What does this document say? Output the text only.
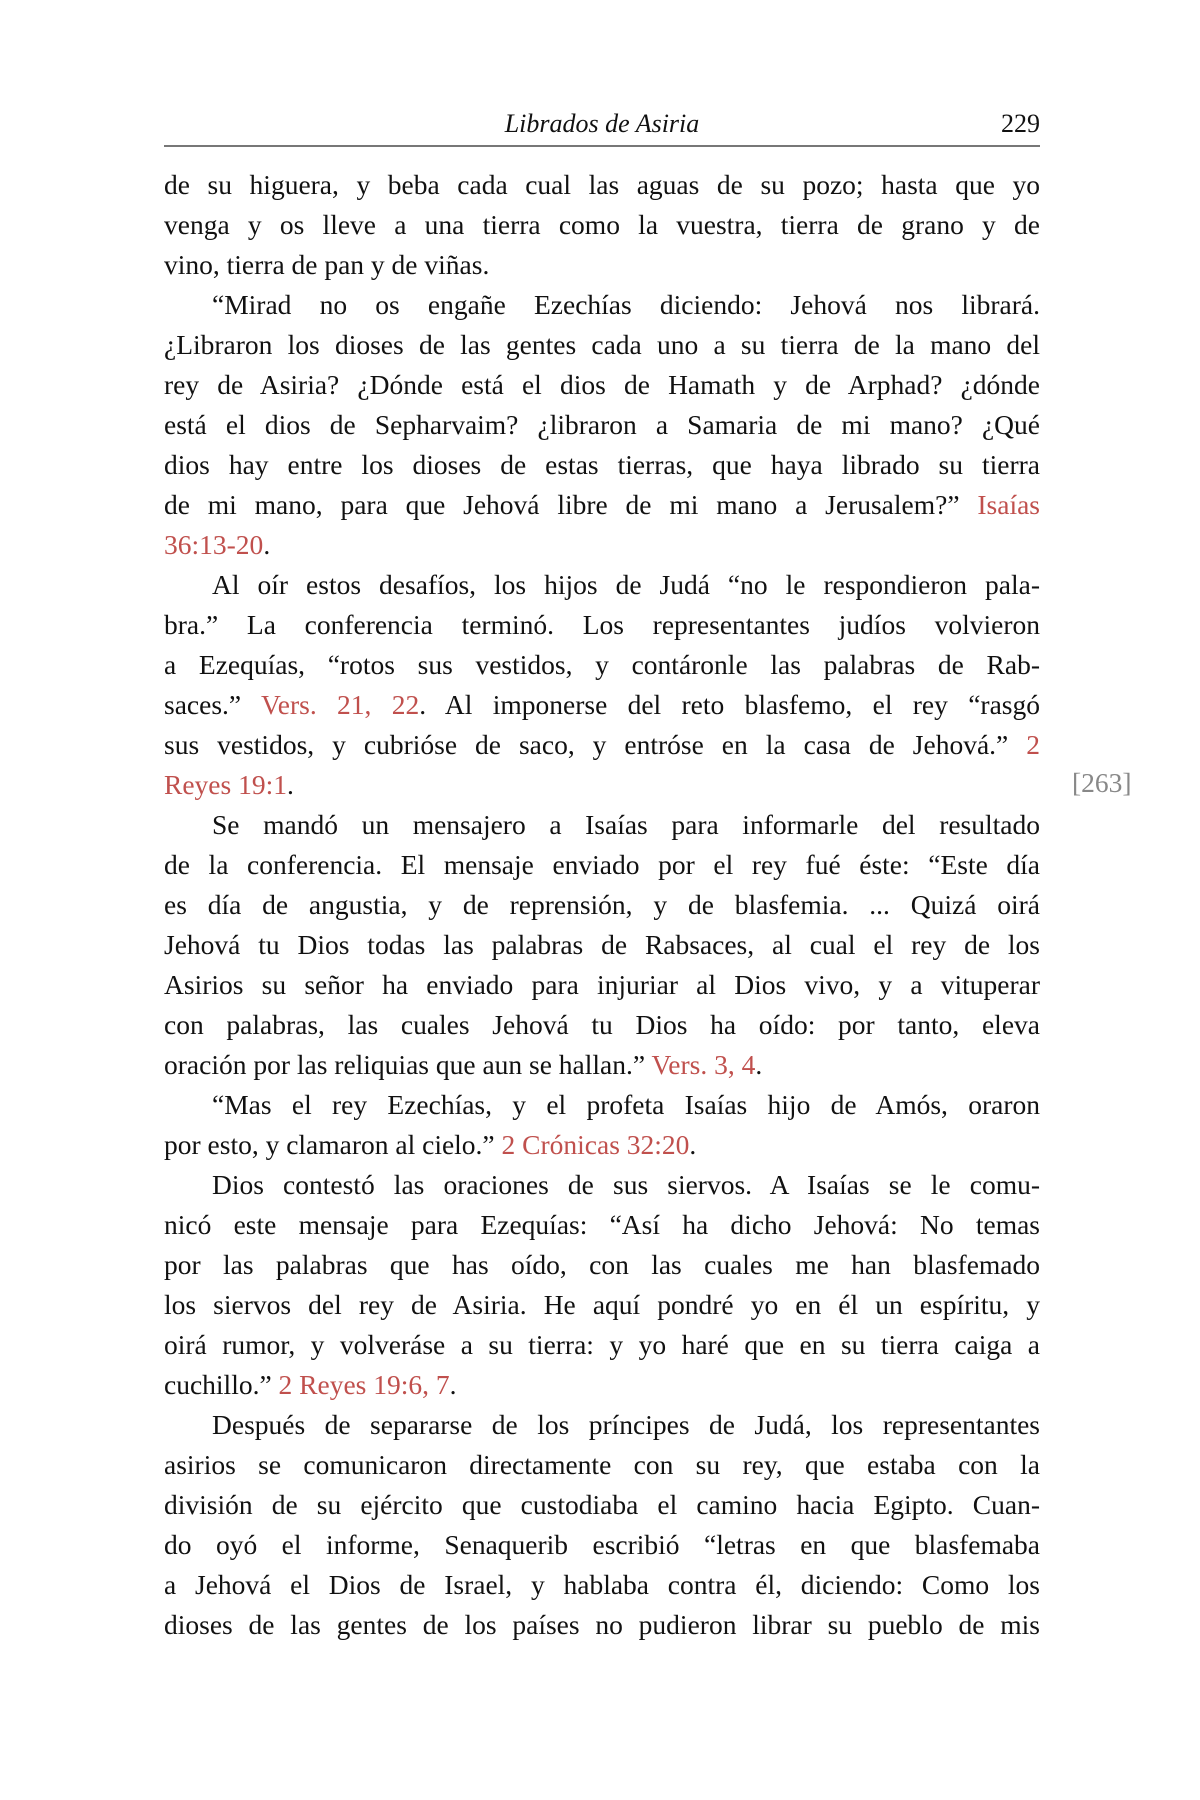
Librados de Asiria	229
de su higuera, y beba cada cual las aguas de su pozo; hasta que yo
venga y os lleve a una tierra como la vuestra, tierra de grano y de
vino, tierra de pan y de viñas.
“Mirad no os engañe Ezechías diciendo: Jehová nos librará.
¿Libraron los dioses de las gentes cada uno a su tierra de la mano del
rey de Asiria? ¿Dónde está el dios de Hamath y de Arphad? ¿dónde
está el dios de Sepharvaim? ¿libraron a Samaria de mi mano? ¿Qué
dios hay entre los dioses de estas tierras, que haya librado su tierra
de mi mano, para que Jehová libre de mi mano a Jerusalem?” Isaías
36:13-20.
Al oír estos desafíos, los hijos de Judá “no le respondieron pala-
bra.” La conferencia terminó. Los representantes judíos volvieron
a Ezequías, “rotos sus vestidos, y contáronle las palabras de Rab-
saces.” Vers. 21, 22. Al imponerse del reto blasfemo, el rey “rasgó
sus vestidos, y cubrióse de saco, y entróse en la casa de Jehová.” 2
Reyes 19:1.
Se mandó un mensajero a Isaías para informarle del resultado
de la conferencia. El mensaje enviado por el rey fué éste: “Este día
es día de angustia, y de reprensión, y de blasfemia. ... Quizá oirá
Jehová tu Dios todas las palabras de Rabsaces, al cual el rey de los
Asirios su señor ha enviado para injuriar al Dios vivo, y a vituperar
con palabras, las cuales Jehová tu Dios ha oído: por tanto, eleva
oración por las reliquias que aun se hallan.” Vers. 3, 4.
“Mas el rey Ezechías, y el profeta Isaías hijo de Amós, oraron
por esto, y clamaron al cielo.” 2 Crónicas 32:20.
Dios contestó las oraciones de sus siervos. A Isaías se le comu-
nicó este mensaje para Ezequías: “Así ha dicho Jehová: No temas
por las palabras que has oído, con las cuales me han blasfemado
los siervos del rey de Asiria. He aquí pondré yo en él un espíritu, y
oirá rumor, y volveráse a su tierra: y yo haré que en su tierra caiga a
cuchillo.” 2 Reyes 19:6, 7.
Después de separarse de los príncipes de Judá, los representantes
asirios se comunicaron directamente con su rey, que estaba con la
división de su ejército que custodiaba el camino hacia Egipto. Cuan-
do oyó el informe, Senaquerib escribió “letras en que blasfemaba
a Jehová el Dios de Israel, y hablaba contra él, diciendo: Como los
dioses de las gentes de los países no pudieron librar su pueblo de mis
[263]
